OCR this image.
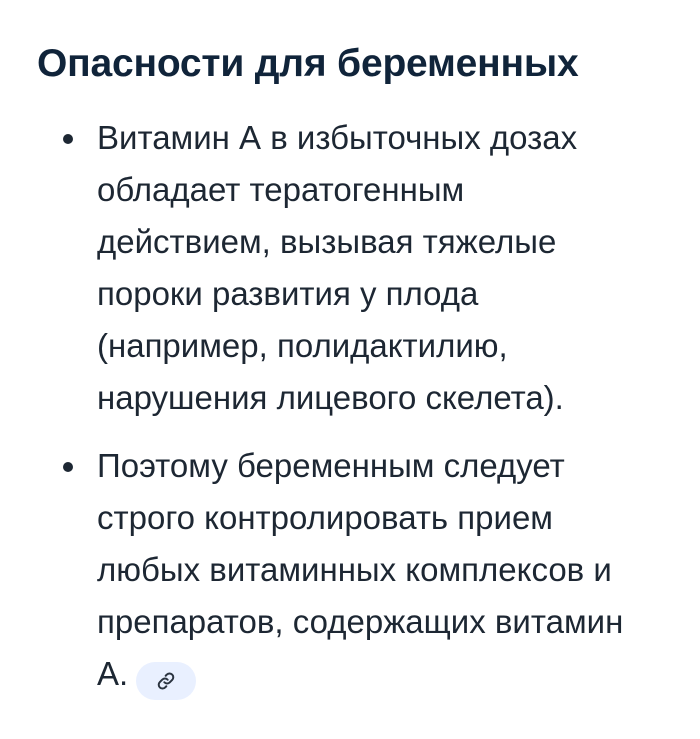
Опасности для беременных
Витамин А в избыточных дозах
обладает тератогенным
действием, вызывая тяжелые
пороки развития у плода
(например, полидактилию,
нарушения лицевого скелета).
Поэтому беременным следует
строго контролировать прием
любых витаминных комплексов и
препаратов, содержащих витамин
А.
